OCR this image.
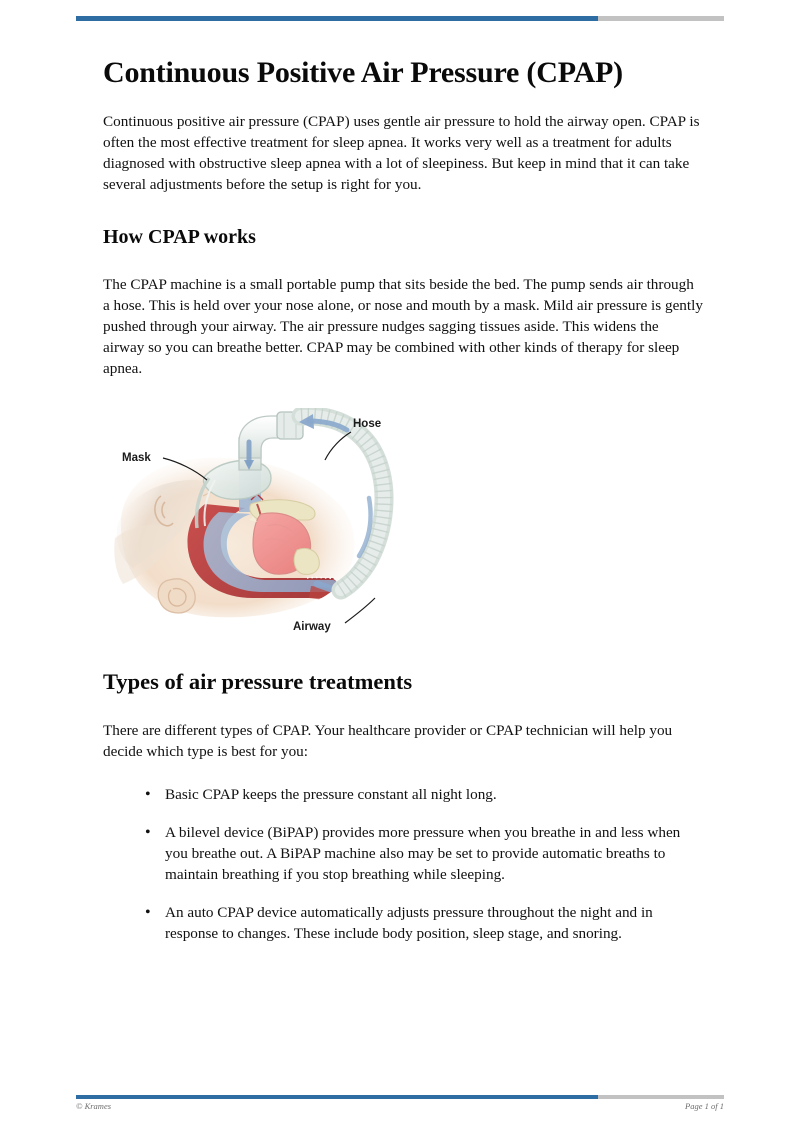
Continuous Positive Air Pressure (CPAP)

Continuous positive air pressure (CPAP) uses gentle air pressure to hold the airway open. CPAP is often the most effective treatment for sleep apnea. It works very well as a treatment for adults diagnosed with obstructive sleep apnea with a lot of sleepiness. But keep in mind that it can take several adjustments before the setup is right for you.

How CPAP works

The CPAP machine is a small portable pump that sits beside the bed. The pump sends air through a hose. This is held over your nose alone, or nose and mouth by a mask. Mild air pressure is gently pushed through your airway. The air pressure nudges sagging tissues aside. This widens the airway so you can breathe better. CPAP may be combined with other kinds of therapy for sleep apnea.

Hose
Mask
Airway
Types of air pressure treatments

There are different types of CPAP. Your healthcare provider or CPAP technician will help you decide which type is best for you:

• Basic CPAP keeps the pressure constant all night long.
• A bilevel device (BiPAP) provides more pressure when you breathe in and less when you breathe out. A BiPAP machine also may be set to provide automatic breaths to maintain breathing if you stop breathing while sleeping.
• An auto CPAP device automatically adjusts pressure throughout the night and in response to changes. These include body position, sleep stage, and snoring.
© Krames	Page 1 of 1
